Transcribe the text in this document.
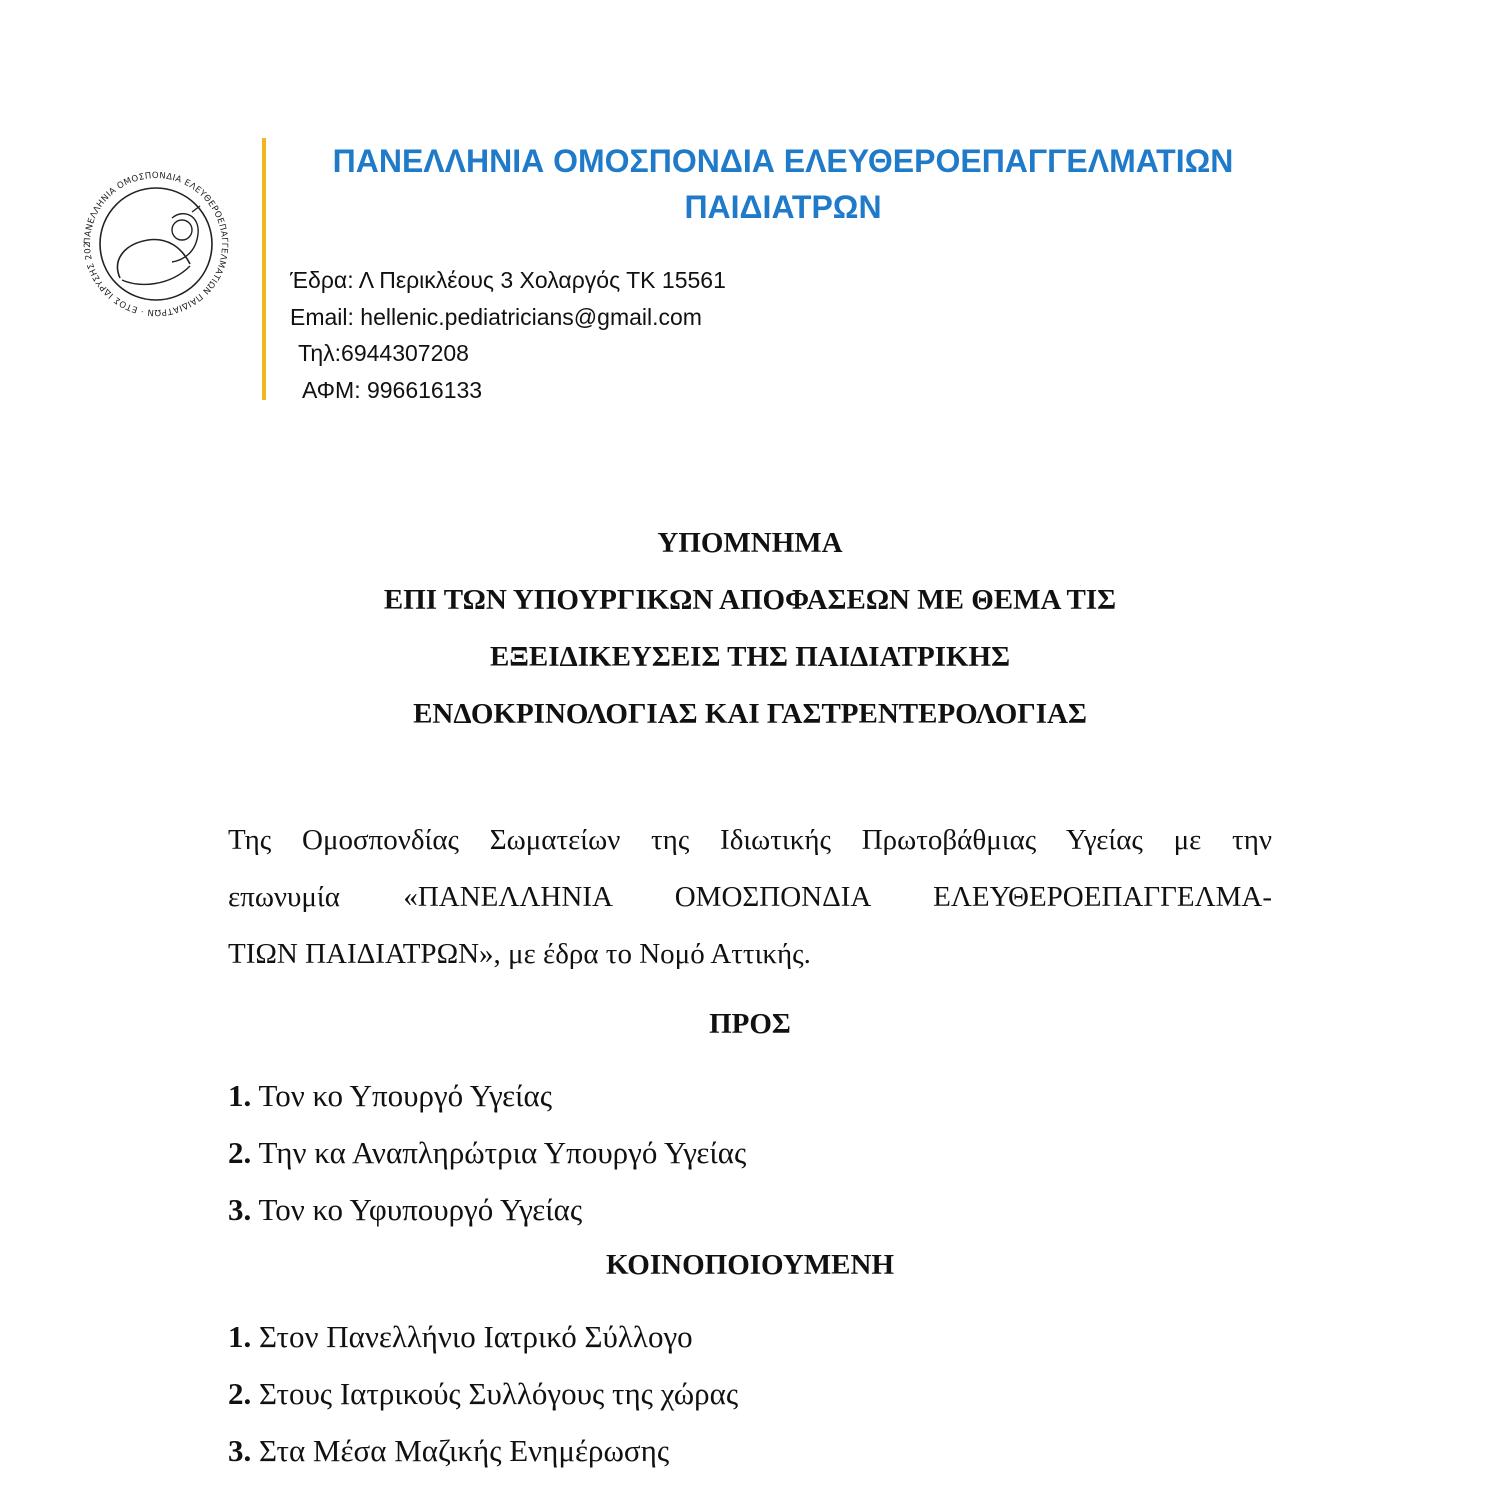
ΠΑΝΕΛΛΗΝΙΑ ΟΜΟΣΠΟΝΔΙΑ ΕΛΕΥΘΕΡΟΕΠΑΓΓΕΛΜΑΤΙΩΝ ΠΑΙΔΙΑΤΡΩΝ · ΕΤΟΣ ΙΔΡΥΣΗΣ 202
ΠΑΝΕΛΛΗΝΙΑ ΟΜΟΣΠΟΝΔΙΑ ΕΛΕΥΘΕΡΟΕΠΑΓΓΕΛΜΑΤΙΩΝ
ΠΑΙΔΙΑΤΡΩΝ
Έδρα: Λ Περικλέους 3 Χολαργός ΤΚ 15561
Email: hellenic.pediatricians@gmail.com
Τηλ:6944307208
ΑΦΜ: 996616133
ΥΠΟΜΝΗΜΑ
ΕΠΙ ΤΩΝ ΥΠΟΥΡΓΙΚΩΝ ΑΠΟΦΑΣΕΩΝ ΜΕ ΘΕΜΑ ΤΙΣ
ΕΞΕΙΔΙΚΕΥΣΕΙΣ ΤΗΣ ΠΑΙΔΙΑΤΡΙΚΗΣ
ΕΝΔΟΚΡΙΝΟΛΟΓΙΑΣ ΚΑΙ ΓΑΣΤΡΕΝΤΕΡΟΛΟΓΙΑΣ

Της Ομοσπονδίας Σωματείων της Ιδιωτικής Πρωτοβάθμιας Υγείας με την
επωνυμία «ΠΑΝΕΛΛΗΝΙΑ ΟΜΟΣΠΟΝΔΙΑ ΕΛΕΥΘΕΡΟΕΠΑΓΓΕΛΜΑ-
ΤΙΩΝ ΠΑΙΔΙΑΤΡΩΝ», με έδρα το Νομό Αττικής.

ΠΡΟΣ
1. Τον κο Υπουργό Υγείας
2. Την κα Αναπληρώτρια Υπουργό Υγείας
3. Τον κο Υφυπουργό Υγείας
ΚΟΙΝΟΠΟΙΟΥΜΕΝΗ
1. Στον Πανελλήνιο Ιατρικό Σύλλογο
2. Στους Ιατρικούς Συλλόγους της χώρας
3. Στα Μέσα Μαζικής Ενημέρωσης
